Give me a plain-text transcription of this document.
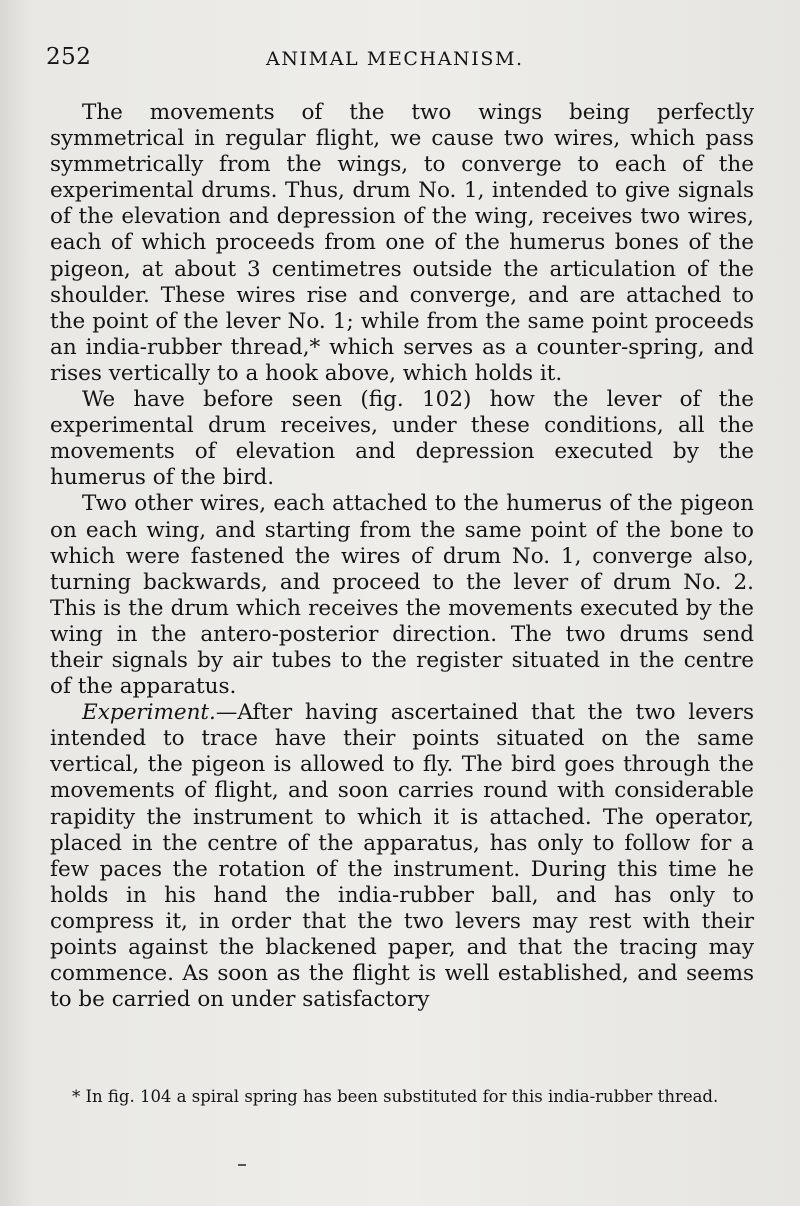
252	ANIMAL MECHANISM.

The movements of the two wings being perfectly symmetrical in regular flight, we cause two wires, which pass symmetrically from the wings, to converge to each of the experimental drums. Thus, drum No. 1, intended to give signals of the elevation and depression of the wing, receives two wires, each of which proceeds from one of the humerus bones of the pigeon, at about 3 centimetres outside the articulation of the shoulder. These wires rise and converge, and are attached to the point of the lever No. 1; while from the same point proceeds an india-rubber thread,* which serves as a counter-spring, and rises vertically to a hook above, which holds it.

We have before seen (fig. 102) how the lever of the experimental drum receives, under these conditions, all the movements of elevation and depression executed by the humerus of the bird.

Two other wires, each attached to the humerus of the pigeon on each wing, and starting from the same point of the bone to which were fastened the wires of drum No. 1, converge also, turning backwards, and proceed to the lever of drum No. 2. This is the drum which receives the movements executed by the wing in the antero-posterior direction. The two drums send their signals by air tubes to the register situated in the centre of the apparatus.

Experiment.—After having ascertained that the two levers intended to trace have their points situated on the same vertical, the pigeon is allowed to fly. The bird goes through the movements of flight, and soon carries round with considerable rapidity the instrument to which it is attached. The operator, placed in the centre of the apparatus, has only to follow for a few paces the rotation of the instrument. During this time he holds in his hand the india-rubber ball, and has only to compress it, in order that the two levers may rest with their points against the blackened paper, and that the tracing may commence. As soon as the flight is well established, and seems to be carried on under satisfactory

* In fig. 104 a spiral spring has been substituted for this india-rubber thread.
